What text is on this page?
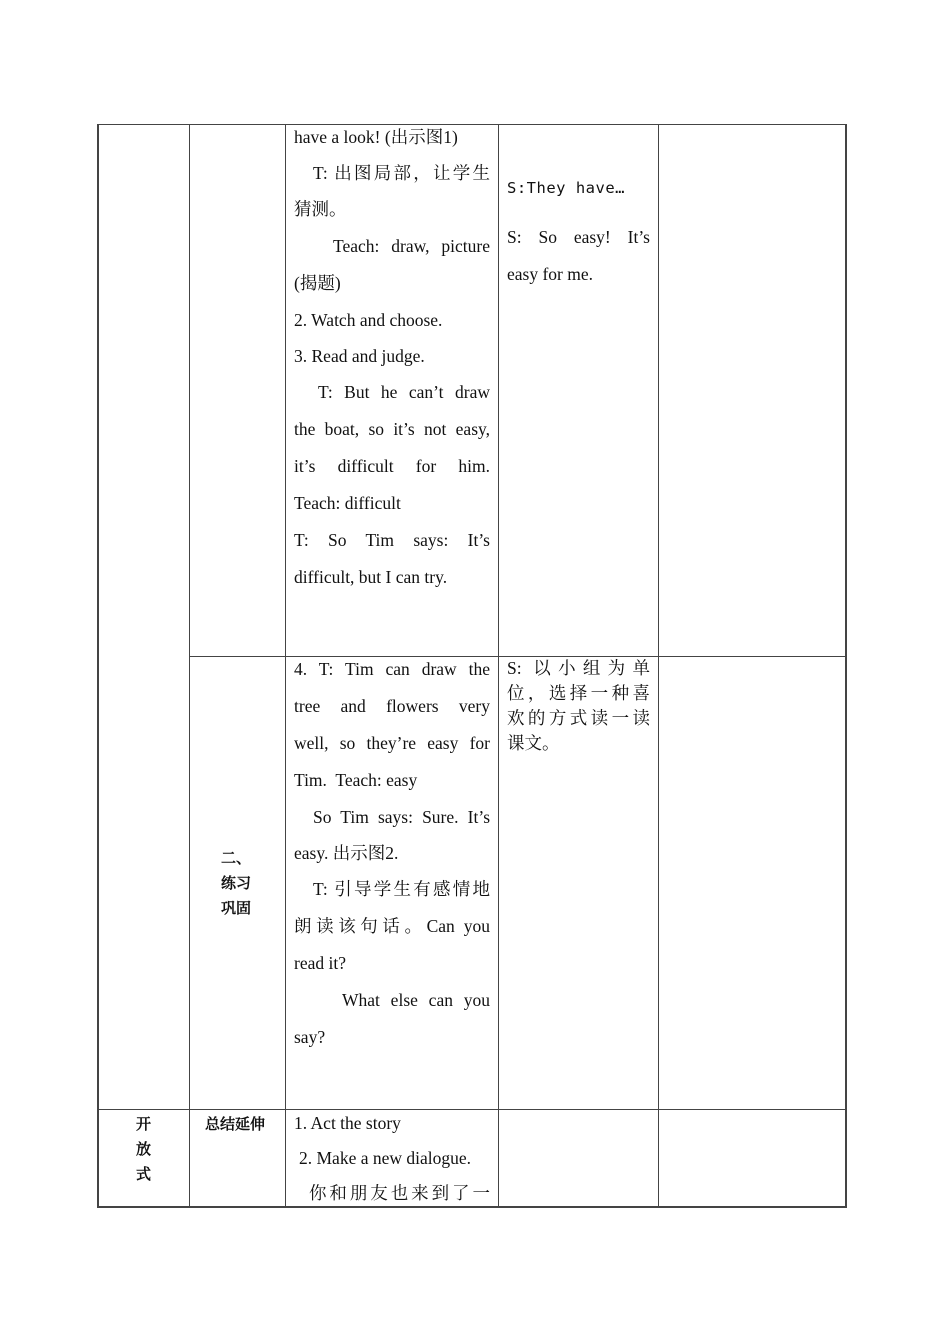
have a look! (出示图1)

T: 出图局部，让学生

猜测。

Teach: draw, picture

(揭题)

2. Watch and choose.

3. Read and judge.

T: But he can’t draw

the boat, so it’s not easy,

it’s difficult for him.

Teach: difficult

T: So Tim says: It’s

difficult, but I can try.

S:They have…

S: So easy! It’s

easy for me.

二、

练习

巩固

4. T: Tim can draw the

tree and flowers very

well, so they’re easy for

Tim.  Teach: easy

So Tim says: Sure. It’s

easy. 出示图2.

T: 引导学生有感情地

朗读该句话。Can you

read it?

What else can you

say?

S: 以小组为单

位，选择一种喜

欢的方式读一读

课文。

开

放

式

总结延伸	1. Act the story

2. Make a new dialogue.

你和朋友也来到了一
